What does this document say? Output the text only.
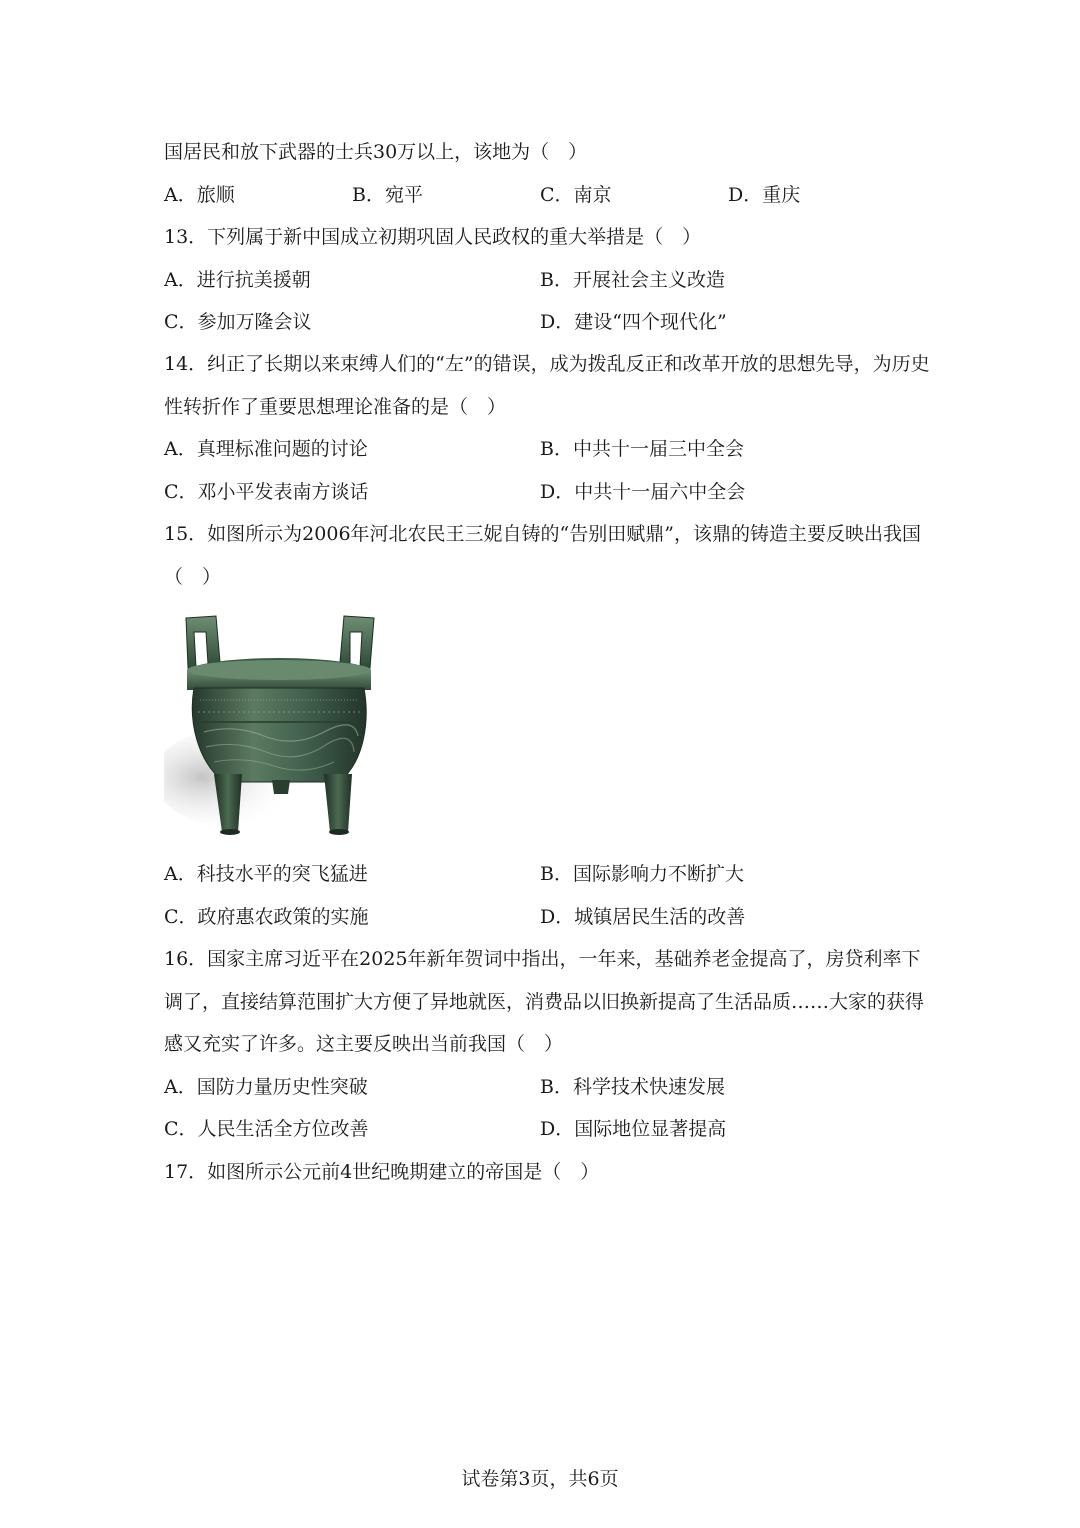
国居民和放下武器的士兵30万以上，该地为（　）
A．旅顺	B．宛平	C．南京	D．重庆
13．下列属于新中国成立初期巩固人民政权的重大举措是（　）
A．进行抗美援朝	B．开展社会主义改造
C．参加万隆会议	D．建设“四个现代化”
14．纠正了长期以来束缚人们的“左”的错误，成为拨乱反正和改革开放的思想先导，为历史
性转折作了重要思想理论准备的是（　）
A．真理标准问题的讨论	B．中共十一届三中全会
C．邓小平发表南方谈话	D．中共十一届六中全会
15．如图所示为2006年河北农民王三妮自铸的“告别田赋鼎”，该鼎的铸造主要反映出我国
（　）
A．科技水平的突飞猛进	B．国际影响力不断扩大
C．政府惠农政策的实施	D．城镇居民生活的改善
16．国家主席习近平在2025年新年贺词中指出，一年来，基础养老金提高了，房贷利率下
调了，直接结算范围扩大方便了异地就医，消费品以旧换新提高了生活品质……大家的获得
感又充实了许多。这主要反映出当前我国（　）
A．国防力量历史性突破	B．科学技术快速发展
C．人民生活全方位改善	D．国际地位显著提高
17．如图所示公元前4世纪晚期建立的帝国是（　）
试卷第3页，共6页
